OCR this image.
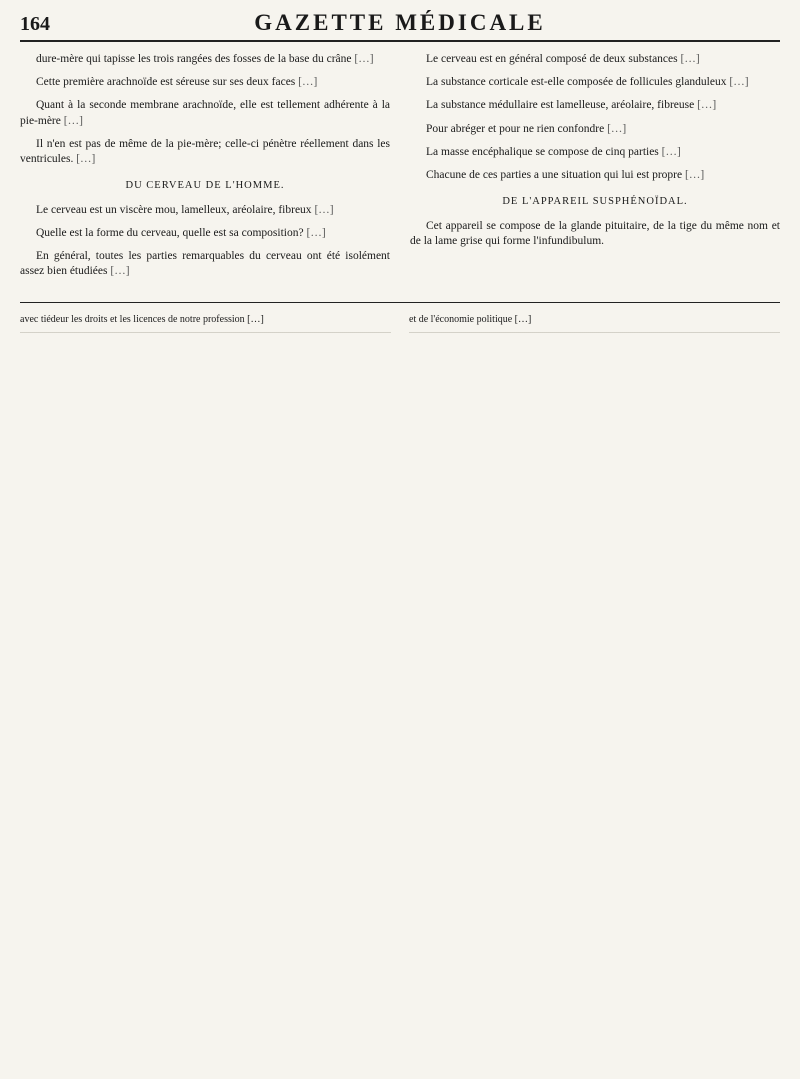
164	GAZETTE MÉDICALE

dure-mère qui tapisse les trois rangées des fosses de la base du crâne […]

Cette première arachnoïde est séreuse sur ses deux faces […]

Quant à la seconde membrane arachnoïde, elle est tellement adhérente à la pie-mère […]

Il n'en est pas de même de la pie-mère; celle-ci pénètre réellement dans les ventricules. […]

DU CERVEAU DE L'HOMME.

Le cerveau est un viscère mou, lamelleux, aréolaire, fibreux […]

Quelle est la forme du cerveau, quelle est sa composition? […]

En général, toutes les parties remarquables du cerveau ont été isolément assez bien étudiées […]

Le cerveau est en général composé de deux substances […]

La substance corticale est-elle composée de follicules glanduleux […]

La substance médullaire est lamelleuse, aréolaire, fibreuse […]

Pour abréger et pour ne rien confondre […]

La masse encéphalique se compose de cinq parties […]

Chacune de ces parties a une situation qui lui est propre […]

DE L'APPAREIL SUSPHÉNOÏDAL.

Cet appareil se compose de la glande pituitaire, de la tige du même nom et de la lame grise qui forme l'infundibulum.

avec tiédeur les droits et les licences de notre profession […]	et de l'économie politique […]
